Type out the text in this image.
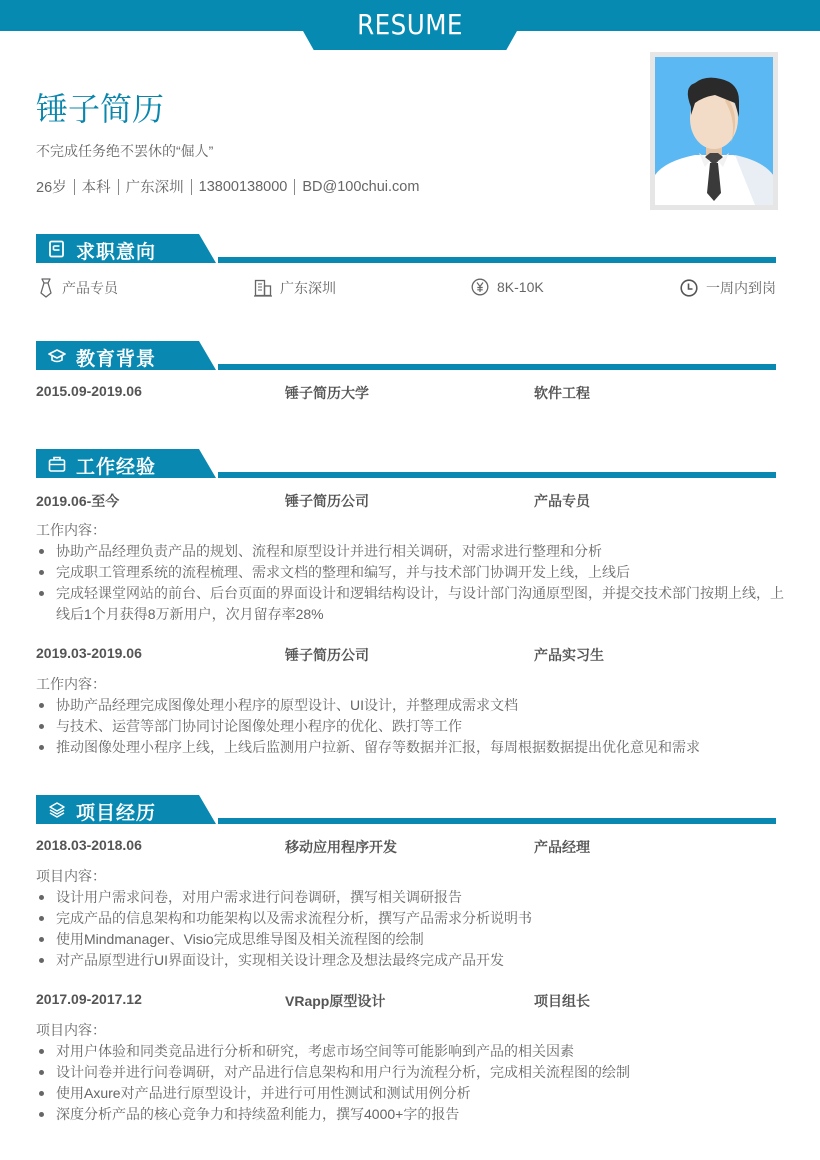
RESUME
锤子简历
不完成任务绝不罢休的“倔人”
26岁 本科 广东深圳 13800138000 BD@100chui.com
求职意向
产品专员	广东深圳	8K-10K	一周内到岗
教育背景
2015.09-2019.06	锤子简历大学	软件工程
工作经验
2019.06-至今	锤子简历公司	产品专员
工作内容：
协助产品经理负责产品的规划、流程和原型设计并进行相关调研，对需求进行整理和分析
完成职工管理系统的流程梳理、需求文档的整理和编写，并与技术部门协调开发上线，上线后
完成轻课堂网站的前台、后台页面的界面设计和逻辑结构设计，与设计部门沟通原型图，并提交技术部门按期上线，上线后1个月获得8万新用户，次月留存率28%
2019.03-2019.06	锤子简历公司	产品实习生
工作内容：
协助产品经理完成图像处理小程序的原型设计、UI设计，并整理成需求文档
与技术、运营等部门协同讨论图像处理小程序的优化、跌打等工作
推动图像处理小程序上线，上线后监测用户拉新、留存等数据并汇报，每周根据数据提出优化意见和需求
项目经历
2018.03-2018.06	移动应用程序开发	产品经理
项目内容：
设计用户需求问卷，对用户需求进行问卷调研，撰写相关调研报告
完成产品的信息架构和功能架构以及需求流程分析，撰写产品需求分析说明书
使用Mindmanager、Visio完成思维导图及相关流程图的绘制
对产品原型进行UI界面设计，实现相关设计理念及想法最终完成产品开发
2017.09-2017.12	VRapp原型设计	项目组长
项目内容：
对用户体验和同类竞品进行分析和研究，考虑市场空间等可能影响到产品的相关因素
设计问卷并进行问卷调研，对产品进行信息架构和用户行为流程分析，完成相关流程图的绘制
使用Axure对产品进行原型设计，并进行可用性测试和测试用例分析
深度分析产品的核心竞争力和持续盈利能力，撰写4000+字的报告
